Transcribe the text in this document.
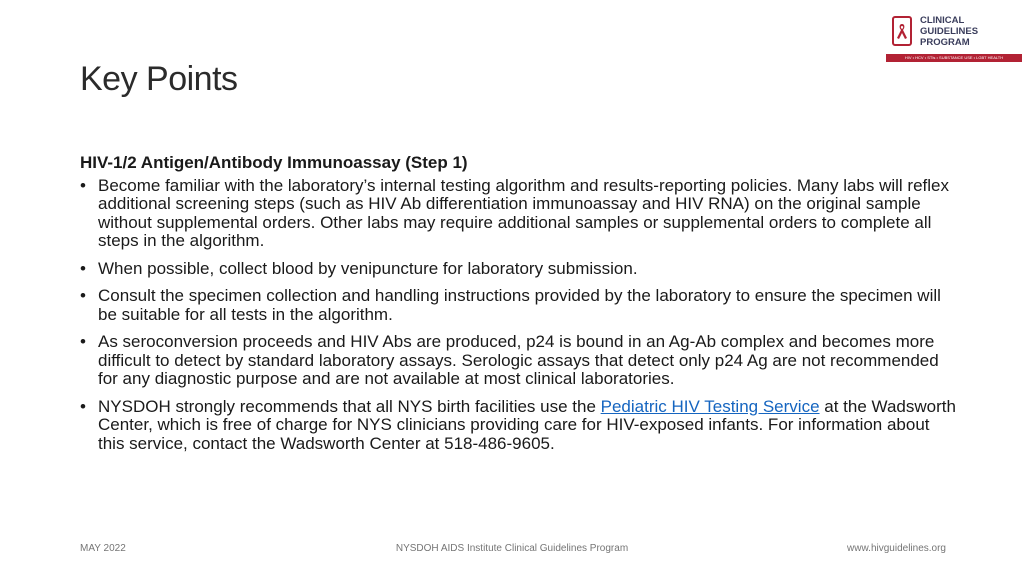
CLINICAL
GUIDELINES
PROGRAM
HIV • HCV • STIs • SUBSTANCE USE • LGBT HEALTH
Key Points
HIV-1/2 Antigen/Antibody Immunoassay (Step 1)
• Become familiar with the laboratory’s internal testing algorithm and results-reporting policies. Many labs will reflex additional screening steps (such as HIV Ab differentiation immunoassay and HIV RNA) on the original sample without supplemental orders. Other labs may require additional samples or supplemental orders to complete all steps in the algorithm.
• When possible, collect blood by venipuncture for laboratory submission.
• Consult the specimen collection and handling instructions provided by the laboratory to ensure the specimen will be suitable for all tests in the algorithm.
• As seroconversion proceeds and HIV Abs are produced, p24 is bound in an Ag-Ab complex and becomes more difficult to detect by standard laboratory assays. Serologic assays that detect only p24 Ag are not recommended for any diagnostic purpose and are not available at most clinical laboratories.
• NYSDOH strongly recommends that all NYS birth facilities use the Pediatric HIV Testing Service at the Wadsworth Center, which is free of charge for NYS clinicians providing care for HIV-exposed infants. For information about this service, contact the Wadsworth Center at 518-486-9605.
MAY 2022	NYSDOH AIDS Institute Clinical Guidelines Program	www.hivguidelines.org
